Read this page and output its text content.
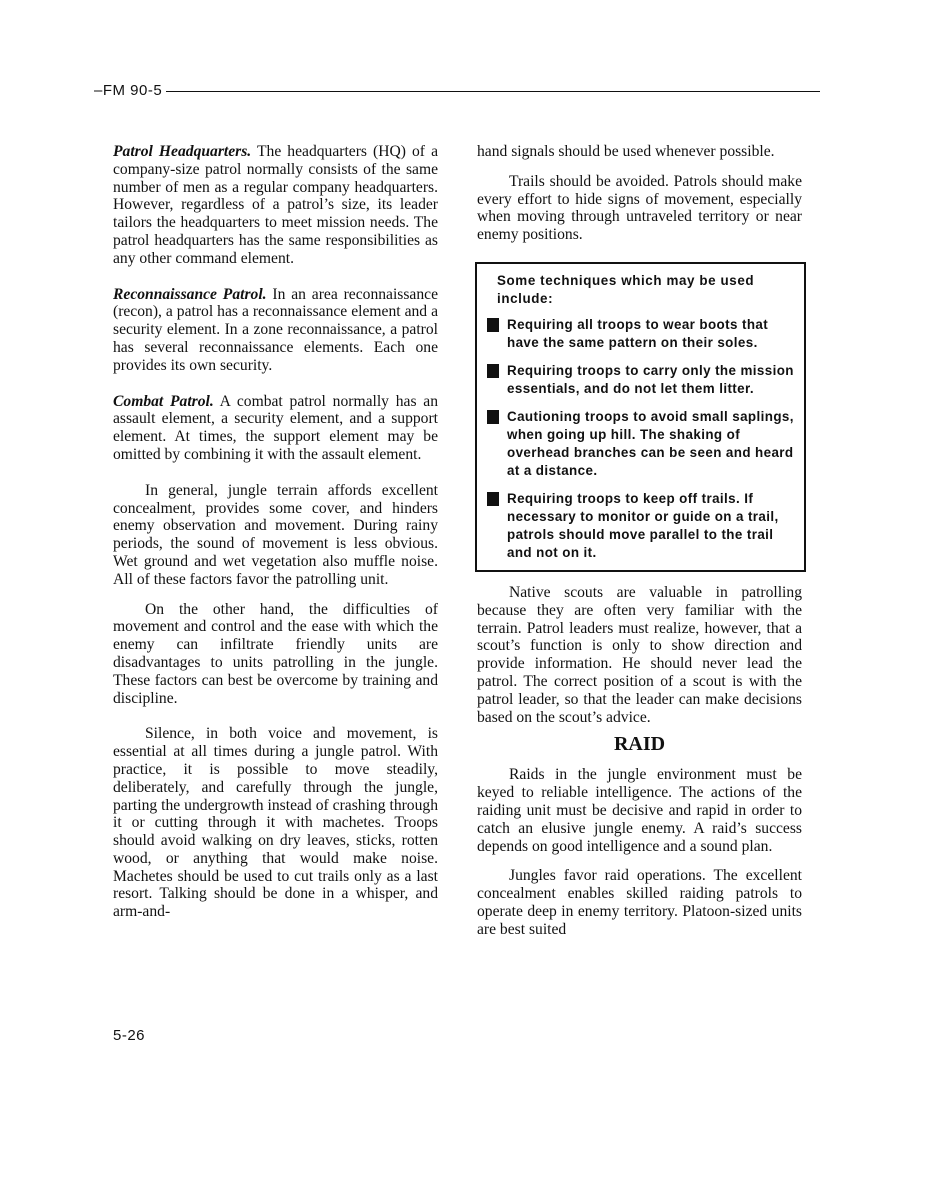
–FM 90-5

Patrol Headquarters. The headquarters (HQ) of a company-size patrol normally consists of the same number of men as a regular company headquarters. However, regardless of a patrol’s size, its leader tailors the headquarters to meet mission needs. The patrol headquarters has the same responsibilities as any other command element.

Reconnaissance Patrol. In an area reconnaissance (recon), a patrol has a reconnaissance element and a security element. In a zone reconnaissance, a patrol has several reconnaissance elements. Each one provides its own security.

Combat Patrol. A combat patrol normally has an assault element, a security element, and a support element. At times, the support element may be omitted by combining it with the assault element.

In general, jungle terrain affords excellent concealment, provides some cover, and hinders enemy observation and movement. During rainy periods, the sound of movement is less obvious. Wet ground and wet vegetation also muffle noise. All of these factors favor the patrolling unit.

On the other hand, the difficulties of movement and control and the ease with which the enemy can infiltrate friendly units are disadvantages to units patrolling in the jungle. These factors can best be overcome by training and discipline.

Silence, in both voice and movement, is essential at all times during a jungle patrol. With practice, it is possible to move steadily, deliberately, and carefully through the jungle, parting the undergrowth instead of crashing through it or cutting through it with machetes. Troops should avoid walking on dry leaves, sticks, rotten wood, or anything that would make noise. Machetes should be used to cut trails only as a last resort. Talking should be done in a whisper, and arm-and-

hand signals should be used whenever possible.

Trails should be avoided. Patrols should make every effort to hide signs of movement, especially when moving through untraveled territory or near enemy positions.

Some techniques which may be used include:
Requiring all troops to wear boots that have the same pattern on their soles.
Requiring troops to carry only the mission essentials, and do not let them litter.
Cautioning troops to avoid small saplings, when going up hill. The shaking of overhead branches can be seen and heard at a distance.
Requiring troops to keep off trails. If necessary to monitor or guide on a trail, patrols should move parallel to the trail and not on it.

Native scouts are valuable in patrolling because they are often very familiar with the terrain. Patrol leaders must realize, however, that a scout’s function is only to show direction and provide information. He should never lead the patrol. The correct position of a scout is with the patrol leader, so that the leader can make decisions based on the scout’s advice.

RAID

Raids in the jungle environment must be keyed to reliable intelligence. The actions of the raiding unit must be decisive and rapid in order to catch an elusive jungle enemy. A raid’s success depends on good intelligence and a sound plan.

Jungles favor raid operations. The excellent concealment enables skilled raiding patrols to operate deep in enemy territory. Platoon-sized units are best suited

5-26
